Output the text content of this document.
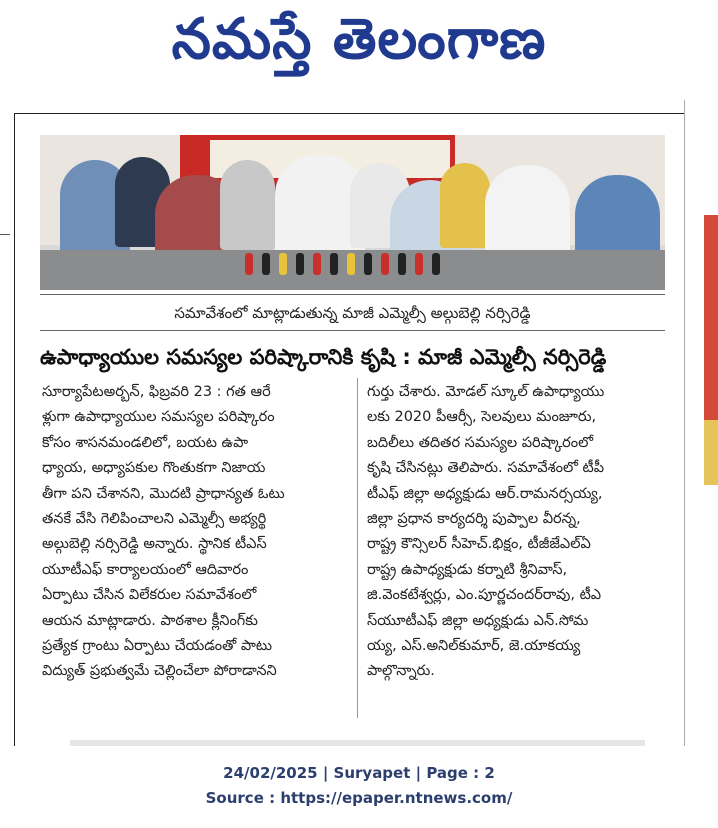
నమస్తే తెలంగాణ
సమావేశంలో మాట్లాడుతున్న మాజీ ఎమ్మెల్సీ అల్గుబెల్లి నర్సిరెడ్డి
ఉపాధ్యాయుల సమస్యల పరిష్కారానికి కృషి : మాజీ ఎమ్మెల్సీ నర్సిరెడ్డి
సూర్యాపేటఅర్బన్, ఫిబ్రవరి 23 : గత ఆరే
ళ్లుగా ఉపాధ్యాయుల సమస్యల పరిష్కారం
కోసం శాసనమండలిలో, బయట ఉపా
ధ్యాయ, అధ్యాపకుల గొంతుకగా నిజాయ
తీగా పని చేశానని, మొదటి ప్రాధాన్యత ఓటు
తనకే వేసి గెలిపించాలని ఎమ్మెల్సీ అభ్యర్థి
అల్గుబెల్లి నర్సిరెడ్డి అన్నారు. స్థానిక టీఎస్
యూటీఎఫ్ కార్యాలయంలో ఆదివారం
ఏర్పాటు చేసిన విలేకరుల సమావేశంలో
ఆయన మాట్లాడారు. పాఠశాల క్లీనింగ్‌కు
ప్రత్యేక గ్రాంటు ఏర్పాటు చేయడంతో పాటు
విద్యుత్ ప్రభుత్వమే చెల్లించేలా పోరాడానని
గుర్తు చేశారు. మోడల్ స్కూల్ ఉపాధ్యాయు
లకు 2020 పీఆర్సీ, సెలవులు మంజూరు,
బదిలీలు తదితర సమస్యల పరిష్కారంలో
కృషి చేసినట్లు తెలిపారు. సమావేశంలో టీపీ
టీఎఫ్ జిల్లా అధ్యక్షుడు ఆర్.రామనర్సయ్య,
జిల్లా ప్రధాన కార్యదర్శి పుప్పాల వీరన్న,
రాష్ట్ర కౌన్సిలర్ సీహెచ్.భిక్షం, టీజీజేఎల్‌ఏ
రాష్ట్ర ఉపాధ్యక్షుడు కర్నాటి శ్రీనివాస్,
జి.వెంకటేశ్వర్లు, ఎం.పూర్ణచందర్‌రావు, టీఎ
స్‌యూటీఎఫ్ జిల్లా అధ్యక్షుడు ఎన్.సోమ
య్య, ఎస్.అనిల్‌కుమార్, జె.యాకయ్య
పాల్గొన్నారు.
24/02/2025 | Suryapet | Page : 2
Source : https://epaper.ntnews.com/
